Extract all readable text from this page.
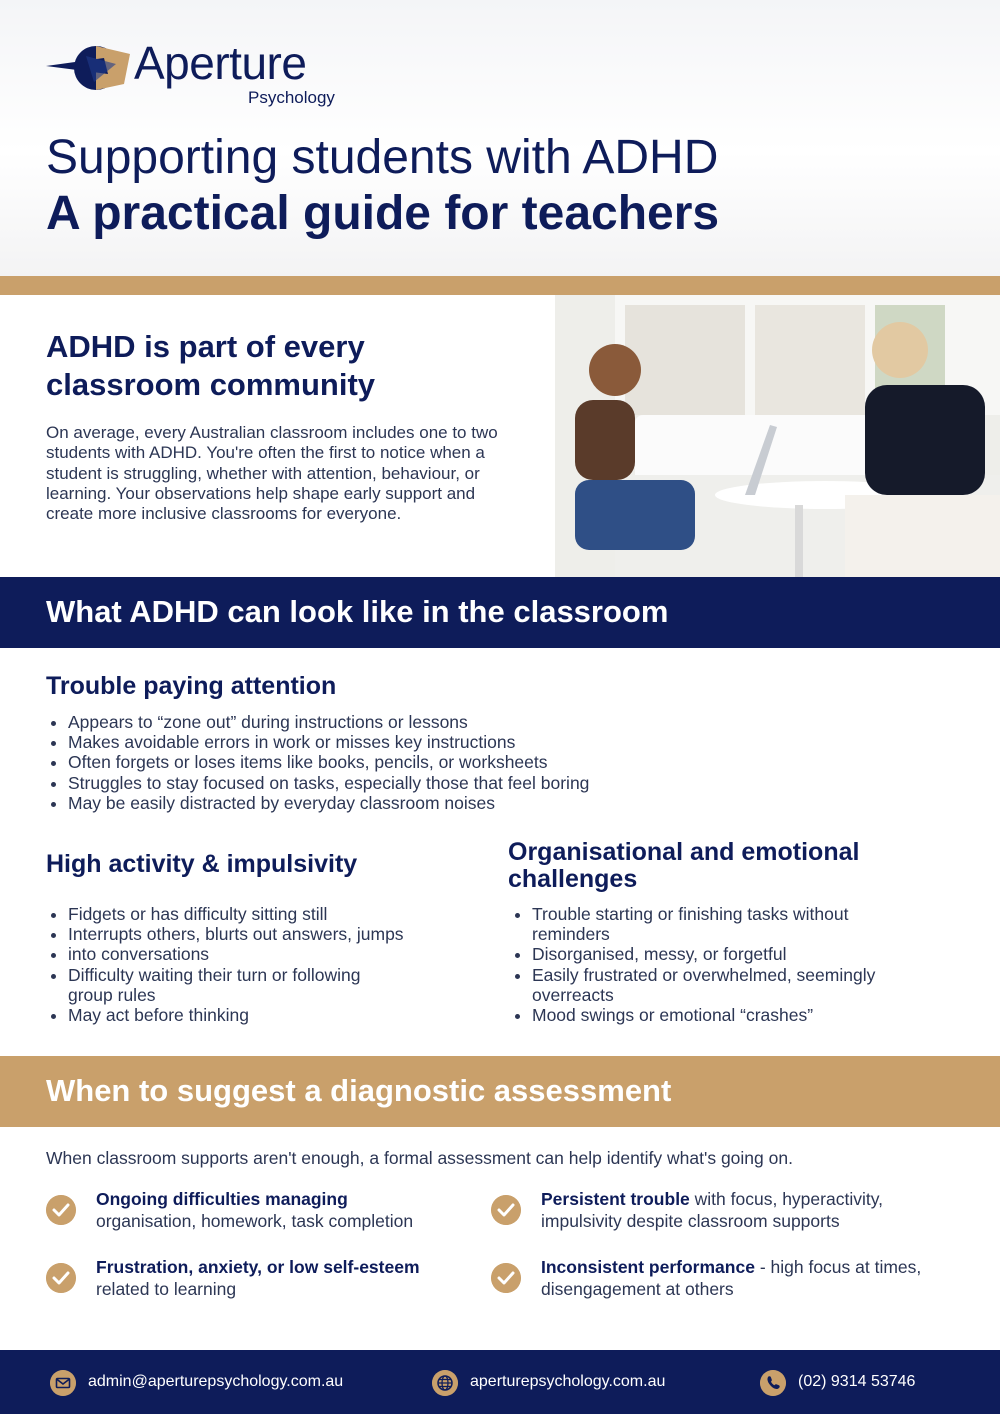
Aperture
Psychology
Supporting students with ADHD
A practical guide for teachers
ADHD is part of every classroom community
On average, every Australian classroom includes one to two students with ADHD. You're often the first to notice when a student is struggling, whether with attention, behaviour, or learning. Your observations help shape early support and create more inclusive classrooms for everyone.
What ADHD can look like in the classroom
Trouble paying attention
• Appears to “zone out” during instructions or lessons
• Makes avoidable errors in work or misses key instructions
• Often forgets or loses items like books, pencils, or worksheets
• Struggles to stay focused on tasks, especially those that feel boring
• May be easily distracted by everyday classroom noises
High activity & impulsivity
• Fidgets or has difficulty sitting still
• Interrupts others, blurts out answers, jumps
• into conversations
• Difficulty waiting their turn or following group rules
• May act before thinking
Organisational and emotional challenges
• Trouble starting or finishing tasks without reminders
• Disorganised, messy, or forgetful
• Easily frustrated or overwhelmed, seemingly overreacts
• Mood swings or emotional “crashes”
When to suggest a diagnostic assessment
When classroom supports aren't enough, a formal assessment can help identify what's going on.
Ongoing difficulties managing
organisation, homework, task completion
Persistent trouble with focus, hyperactivity, impulsivity despite classroom supports
Frustration, anxiety, or low self-esteem
related to learning
Inconsistent performance - high focus at times, disengagement at others
admin@aperturepsychology.com.au	aperturepsychology.com.au	(02) 9314 53746
